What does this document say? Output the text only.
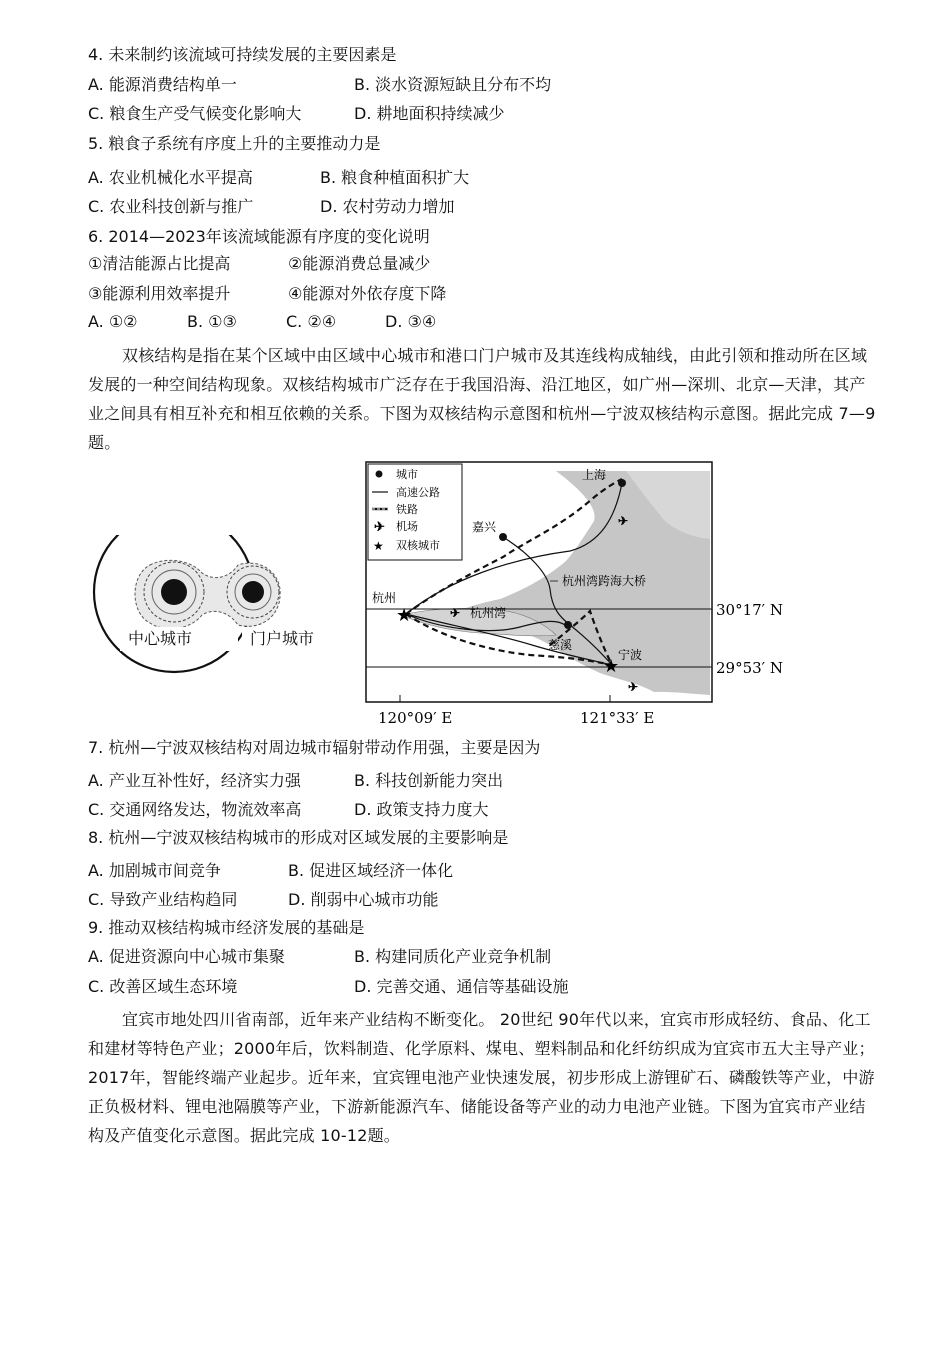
4. 未来制约该流域可持续发展的主要因素是
A. 能源消费结构单一	B. 淡水资源短缺且分布不均
C. 粮食生产受气候变化影响大	D. 耕地面积持续减少
5. 粮食子系统有序度上升的主要推动力是
A. 农业机械化水平提高	B. 粮食种植面积扩大
C. 农业科技创新与推广	D. 农村劳动力增加
6. 2014—2023年该流域能源有序度的变化说明
①清洁能源占比提高	②能源消费总量减少
③能源利用效率提升	④能源对外依存度下降
A. ①②	B. ①③	C. ②④	D. ③④
双核结构是指在某个区域中由区域中心城市和港口门户城市及其连线构成轴线，由此引领和推动所在区域发展的一种空间结构现象。双核结构城市广泛存在于我国沿海、沿江地区，如广州—深圳、北京—天津，其产业之间具有相互补充和相互依赖的关系。下图为双核结构示意图和杭州—宁波双核结构示意图。据此完成 7—9题。
中心城市	门户城市
城市
高速公路
铁路
✈ 机场
★ 双核城市
上海
嘉兴
慈溪
★
杭州
★
宁波
杭州湾
✈
✈
✈
杭州湾跨海大桥
30°17′ N
29°53′ N
120°09′ E	121°33′ E
7. 杭州—宁波双核结构对周边城市辐射带动作用强，主要是因为
A. 产业互补性好，经济实力强	B. 科技创新能力突出
C. 交通网络发达，物流效率高	D. 政策支持力度大
8. 杭州—宁波双核结构城市的形成对区域发展的主要影响是
A. 加剧城市间竞争	B. 促进区域经济一体化
C. 导致产业结构趋同	D. 削弱中心城市功能
9. 推动双核结构城市经济发展的基础是
A. 促进资源向中心城市集聚	B. 构建同质化产业竞争机制
C. 改善区域生态环境	D. 完善交通、通信等基础设施
宜宾市地处四川省南部，近年来产业结构不断变化。 20世纪 90年代以来，宜宾市形成轻纺、食品、化工和建材等特色产业；2000年后，饮料制造、化学原料、煤电、塑料制品和化纤纺织成为宜宾市五大主导产业；2017年，智能终端产业起步。近年来，宜宾锂电池产业快速发展，初步形成上游锂矿石、磷酸铁等产业，中游正负极材料、锂电池隔膜等产业，下游新能源汽车、储能设备等产业的动力电池产业链。下图为宜宾市产业结构及产值变化示意图。据此完成 10-12题。
